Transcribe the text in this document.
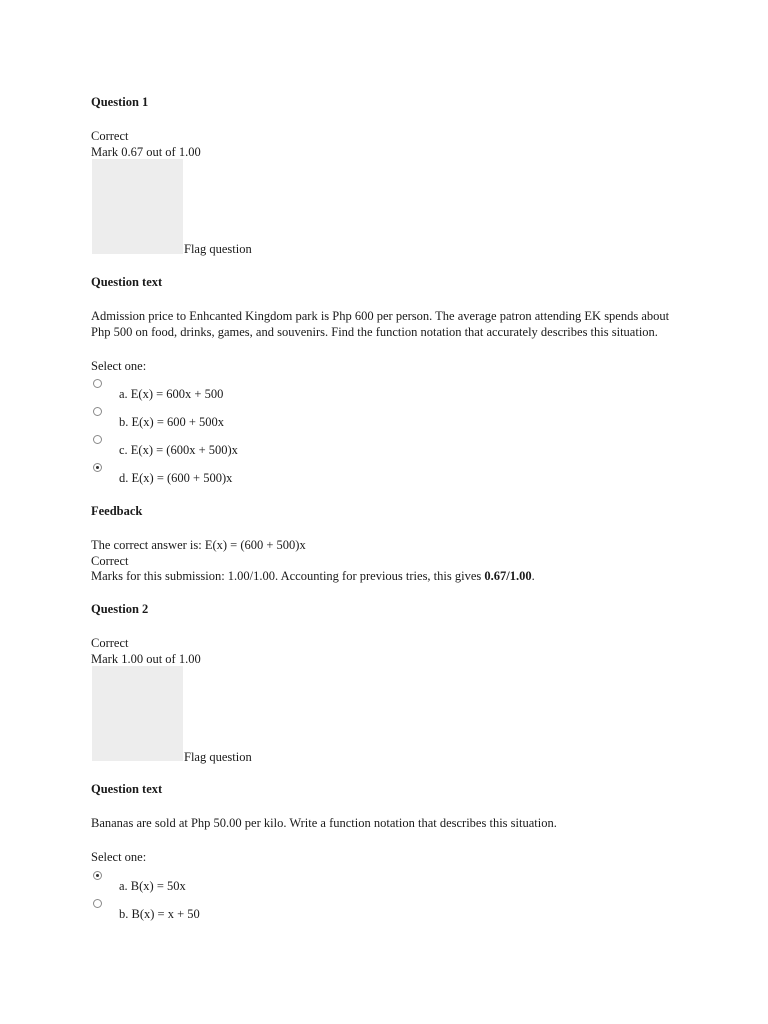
Question 1
Correct
Mark 0.67 out of 1.00
Flag question
Question text
Admission price to Enhcanted Kingdom park is Php 600 per person. The average patron attending EK spends about Php 500 on food, drinks, games, and souvenirs. Find the function notation that accurately describes this situation.
Select one:
a. E(x) = 600x + 500
b. E(x) = 600 + 500x
c. E(x) = (600x + 500)x
d. E(x) = (600 + 500)x
Feedback
The correct answer is: E(x) = (600 + 500)x
Correct
Marks for this submission: 1.00/1.00. Accounting for previous tries, this gives 0.67/1.00.
Question 2
Correct
Mark 1.00 out of 1.00
Flag question
Question text
Bananas are sold at Php 50.00 per kilo. Write a function notation that describes this situation.
Select one:
a. B(x) = 50x
b. B(x) = x + 50
